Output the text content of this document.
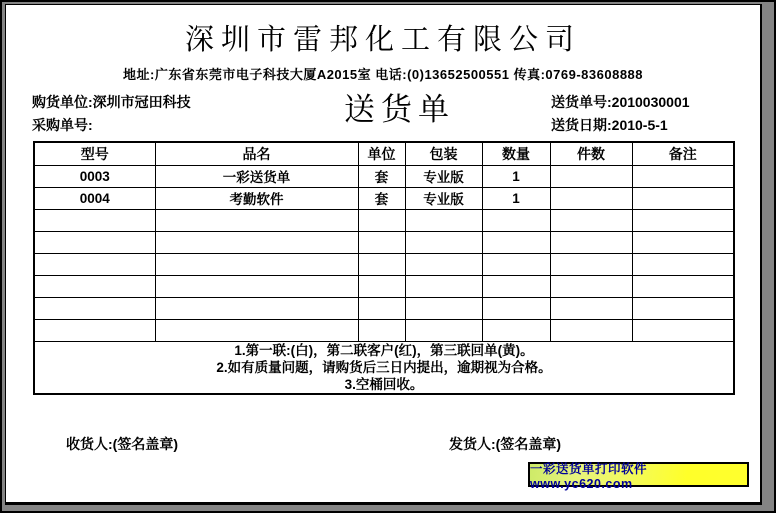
深圳市雷邦化工有限公司
地址:广东省东莞市电子科技大厦A2015室 电话:(0)13652500551 传真:0769-83608888
购货单位:深圳市冠田科技
采购单号:	送货单	送货单号:2010030001
送货日期:2010-5-1
型号	品名	单位	包装	数量	件数	备注
0003	一彩送货单	套	专业版	1		
0004	考勤软件	套	专业版	1		

1.第一联:(白)，第二联客户(红)，第三联回单(黄)。
2.如有质量问题，请购货后三日内提出，逾期视为合格。
3.空桶回收。						
收货人:(签名盖章)	发货人:(签名盖章)
一彩送货单打印软件 www.yc620.com
